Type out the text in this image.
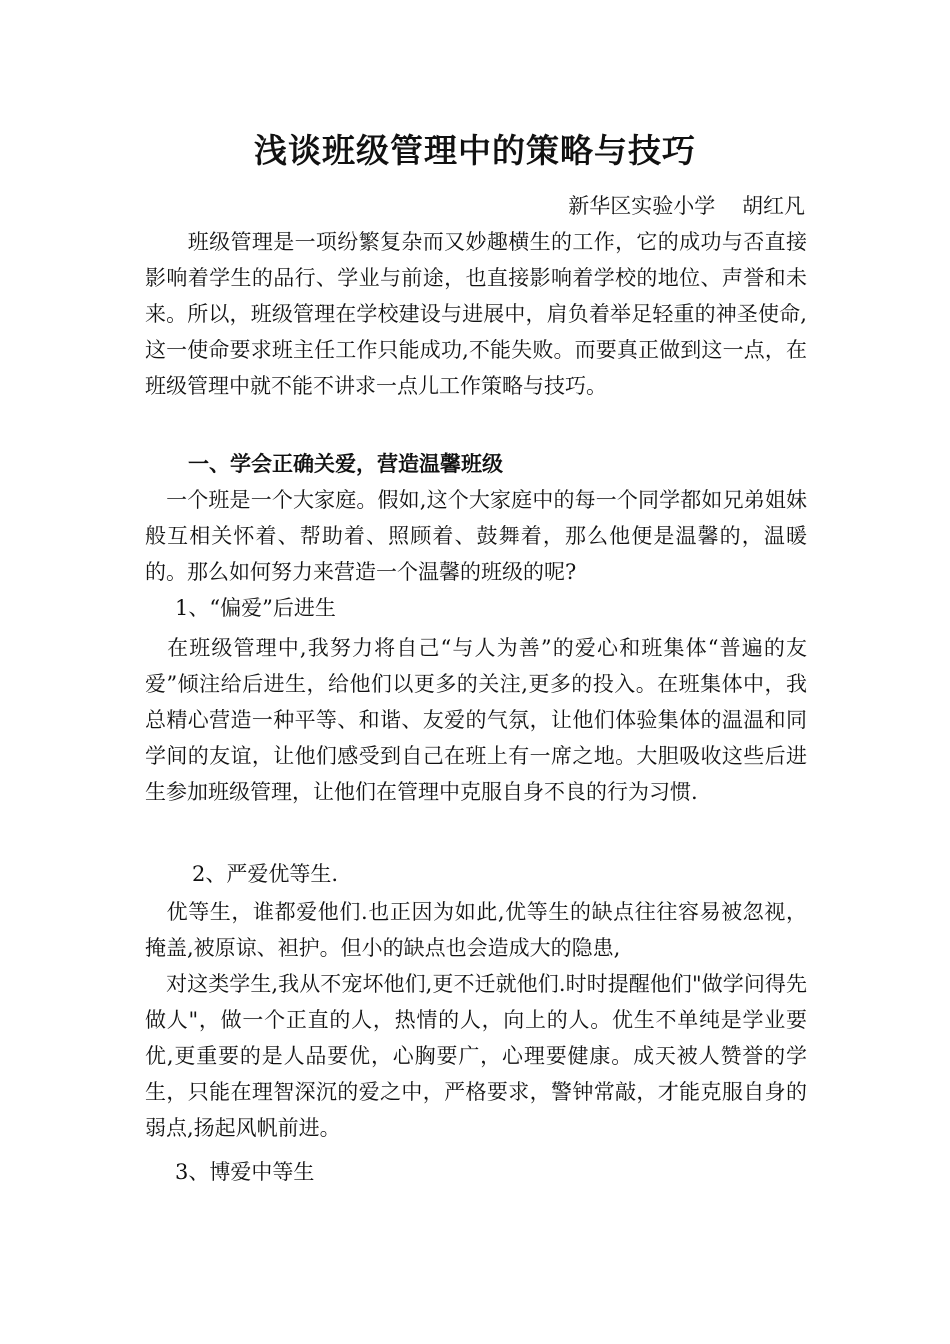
浅谈班级管理中的策略与技巧
新华区实验小学    胡红凡
　　班级管理是一项纷繁复杂而又妙趣横生的工作，它的成功与否直接影响着学生的品行、学业与前途，也直接影响着学校的地位、声誉和未来。所以，班级管理在学校建设与进展中，肩负着举足轻重的神圣使命,这一使命要求班主任工作只能成功,不能失败。而要真正做到这一点，在班级管理中就不能不讲求一点儿工作策略与技巧。
一、学会正确关爱，营造温馨班级
　一个班是一个大家庭。假如,这个大家庭中的每一个同学都如兄弟姐妹般互相关怀着、帮助着、照顾着、鼓舞着，那么他便是温馨的，温暖的。那么如何努力来营造一个温馨的班级的呢?
1、“偏爱”后进生
　在班级管理中,我努力将自己“与人为善”的爱心和班集体“普遍的友爱”倾注给后进生，给他们以更多的关注,更多的投入。在班集体中，我总精心营造一种平等、和谐、友爱的气氛，让他们体验集体的温温和同学间的友谊，让他们感受到自己在班上有一席之地。大胆吸收这些后进生参加班级管理，让他们在管理中克服自身不良的行为习惯.
2、严爱优等生.
　优等生，谁都爱他们.也正因为如此,优等生的缺点往往容易被忽视，掩盖,被原谅、袒护。但小的缺点也会造成大的隐患,
　对这类学生,我从不宠坏他们,更不迁就他们.时时提醒他们"做学问得先做人"，做一个正直的人，热情的人，向上的人。优生不单纯是学业要优,更重要的是人品要优，心胸要广，心理要健康。成天被人赞誉的学生，只能在理智深沉的爱之中，严格要求，警钟常敲，才能克服自身的弱点,扬起风帆前进。
3、博爱中等生
